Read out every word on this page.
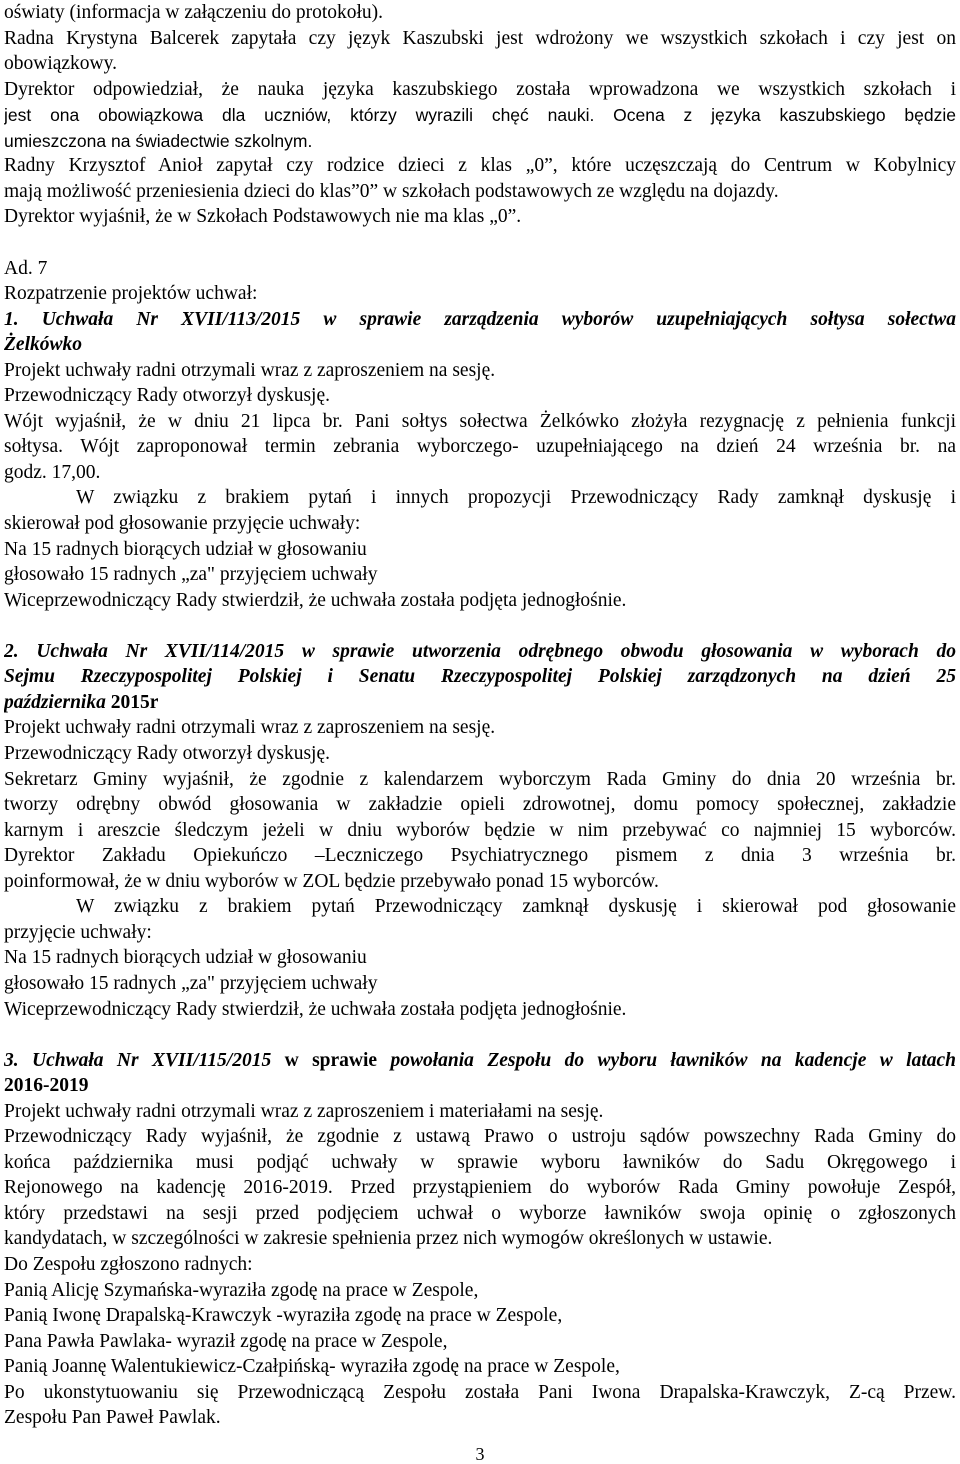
oświaty (informacja w załączeniu do protokołu).
Radna Krystyna Balcerek zapytała czy język Kaszubski jest wdrożony we wszystkich szkołach i czy jest on
obowiązkowy.
Dyrektor odpowiedział, że nauka języka kaszubskiego została wprowadzona we wszystkich szkołach i
jest ona obowiązkowa dla uczniów, którzy wyrazili chęć nauki. Ocena z języka kaszubskiego będzie
umieszczona na świadectwie szkolnym.
Radny Krzysztof Anioł zapytał czy rodzice dzieci z klas „0”, które uczęszczają do Centrum w Kobylnicy
mają możliwość przeniesienia dzieci do klas”0” w szkołach podstawowych ze względu na dojazdy.
Dyrektor wyjaśnił, że w Szkołach Podstawowych nie ma klas „0”.
Ad. 7
Rozpatrzenie projektów uchwał:
1. Uchwała Nr XVII/113/2015 w sprawie zarządzenia wyborów uzupełniających sołtysa sołectwa
Żelkówko
Projekt uchwały radni otrzymali wraz z zaproszeniem na sesję.
Przewodniczący Rady otworzył dyskusję.
Wójt wyjaśnił, że w dniu 21 lipca br. Pani sołtys sołectwa Żelkówko złożyła rezygnację z pełnienia funkcji
sołtysa. Wójt zaproponował termin zebrania wyborczego- uzupełniającego na dzień 24 września br. na
godz. 17,00.
W związku z brakiem pytań i innych propozycji Przewodniczący Rady zamknął dyskusję i
skierował pod głosowanie przyjęcie uchwały:
Na 15 radnych biorących udział w głosowaniu
głosowało 15 radnych „za" przyjęciem uchwały
Wiceprzewodniczący Rady stwierdził, że uchwała została podjęta jednogłośnie.
2. Uchwała Nr XVII/114/2015 w sprawie utworzenia odrębnego obwodu głosowania w wyborach do
Sejmu Rzeczypospolitej Polskiej i Senatu Rzeczypospolitej Polskiej zarządzonych na dzień 25
października 2015r
Projekt uchwały radni otrzymali wraz z zaproszeniem na sesję.
Przewodniczący Rady otworzył dyskusję.
Sekretarz Gminy wyjaśnił, że zgodnie z kalendarzem wyborczym Rada Gminy do dnia 20 września br.
tworzy odrębny obwód głosowania w zakładzie opieli zdrowotnej, domu pomocy społecznej, zakładzie
karnym i areszcie śledczym jeżeli w dniu wyborów będzie w nim przebywać co najmniej 15 wyborców.
Dyrektor Zakładu Opiekuńczo –Leczniczego Psychiatrycznego pismem z dnia 3 września br.
poinformował, że w dniu wyborów w ZOL będzie przebywało ponad 15 wyborców.
W związku z brakiem pytań Przewodniczący zamknął dyskusję i skierował pod głosowanie
przyjęcie uchwały:
Na 15 radnych biorących udział w głosowaniu
głosowało 15 radnych „za" przyjęciem uchwały
Wiceprzewodniczący Rady stwierdził, że uchwała została podjęta jednogłośnie.
3. Uchwała Nr XVII/115/2015 w sprawie powołania Zespołu do wyboru ławników na kadencje w latach
2016-2019
Projekt uchwały radni otrzymali wraz z zaproszeniem i materiałami na sesję.
Przewodniczący Rady wyjaśnił, że zgodnie z ustawą Prawo o ustroju sądów powszechny Rada Gminy do
końca października musi podjąć uchwały w sprawie wyboru ławników do Sadu Okręgowego i
Rejonowego na kadencję 2016-2019. Przed przystąpieniem do wyborów Rada Gminy powołuje Zespół,
który przedstawi na sesji przed podjęciem uchwał o wyborze ławników swoja opinię o zgłoszonych
kandydatach, w szczególności w zakresie spełnienia przez nich wymogów określonych w ustawie.
Do Zespołu zgłoszono radnych:
Panią Alicję Szymańska-wyraziła zgodę na prace w Zespole,
Panią Iwonę Drapalską-Krawczyk -wyraziła zgodę na prace w Zespole,
Pana Pawła Pawlaka- wyraził zgodę na prace w Zespole,
Panią Joannę Walentukiewicz-Czałpińską- wyraziła zgodę na prace w Zespole,
Po ukonstytuowaniu się Przewodniczącą Zespołu została Pani Iwona Drapalska-Krawczyk, Z-cą Przew.
Zespołu Pan Paweł Pawlak.
3
